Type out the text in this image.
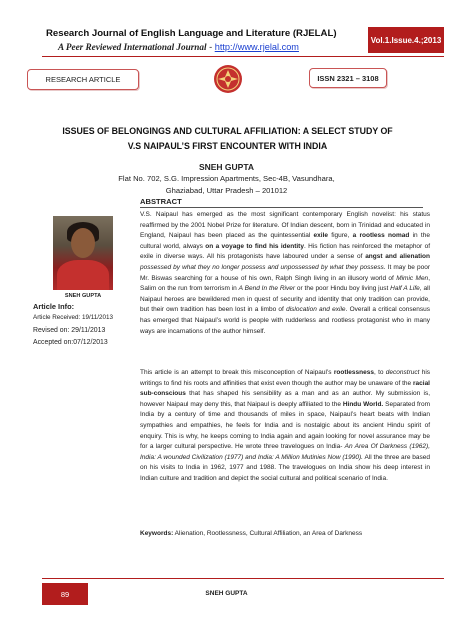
Research Journal of English Language and Literature (RJELAL)
A Peer Reviewed International Journal - http://www.rjelal.com
Vol.1.Issue.4.;2013
RESEARCH ARTICLE	ISSN 2321 – 3108
ISSUES OF BELONGINGS AND CULTURAL AFFILIATION: A SELECT STUDY OF V.S NAIPAUL’S FIRST ENCOUNTER WITH INDIA
SNEH GUPTA
Flat No. 702, S.G. Impression Apartments, Sec-4B, Vasundhara,
Ghaziabad, Uttar Pradesh – 201012
SNEH GUPTA
Article Info:
Article Received: 19/11/2013
Revised on: 29/11/2013
Accepted on:07/12/2013
ABSTRACT
V.S. Naipaul has emerged as the most significant contemporary English novelist: his status reaffirmed by the 2001 Nobel Prize for literature. Of Indian descent, born in Trinidad and educated in England, Naipaul has been placed as the quintessential exile figure, a rootless nomad in the cultural world, always on a voyage to find his identity. His fiction has reinforced the metaphor of exile in diverse ways. All his protagonists have laboured under a sense of angst and alienation possessed by what they no longer possess and unpossessed by what they possess. It may be poor Mr. Biswas searching for a house of his own, Ralph Singh living in an illusory world of Mimic Men, Salim on the run from terrorism in A Bend In the River or the poor Hindu boy living just Half A Life, all Naipaul heroes are bewildered men in quest of security and identity that only tradition can provide, but their own tradition has been lost in a limbo of dislocation and exile. Overall a critical consensus has emerged that Naipaul’s world is people with rudderless and rootless protagonist who in many ways are incarnations of the author himself.
This article is an attempt to break this misconception of Naipaul’s rootlessness, to deconstruct his writings to find his roots and affinities that exist even though the author may be unaware of the racial sub-conscious that has shaped his sensibility as a man and as an author. My submission is, however Naipaul may deny this, that Naipaul is deeply affiliated to the Hindu World. Separated from India by a century of time and thousands of miles in space, Naipaul’s heart beats with Indian sympathies and empathies, he feels for India and is nostalgic about its ancient Hindu spirit of enquiry. This is why, he keeps coming to India again and again looking for novel assurance may be for a larger cultural perspective. He wrote three travelogues on India- An Area Of Darkness (1962), India: A wounded Civilization (1977) and India: A Million Mutinies Now (1990). All the three are based on his visits to India in 1962, 1977 and 1988. The travelogues on India show his deep interest in Indian culture and tradition and depict the social cultural and political scenario of India.
Keywords: Alienation, Rootlessness, Cultural Affiliation, an Area of Darkness
89	SNEH GUPTA
